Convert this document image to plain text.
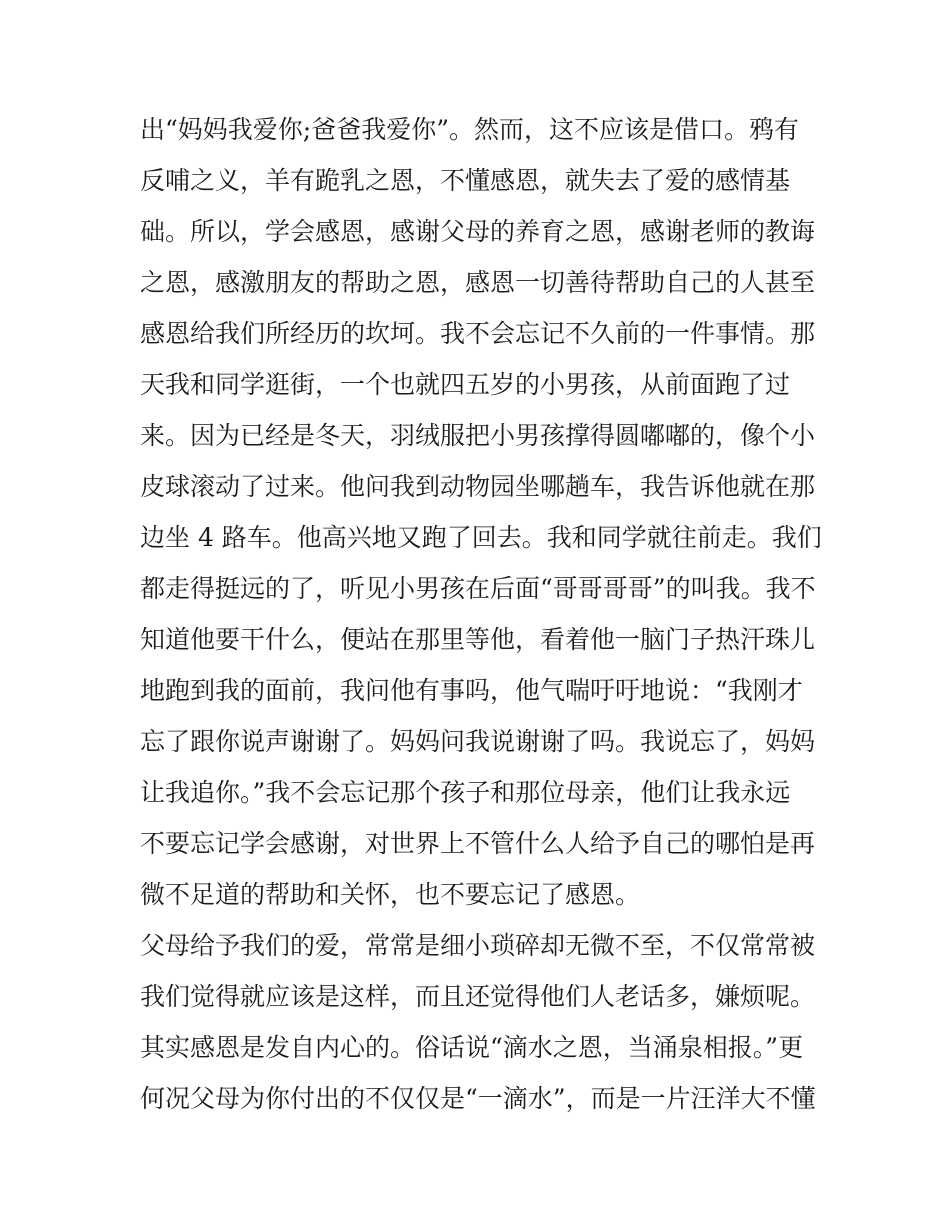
出“妈妈我爱你;爸爸我爱你”。然而，这不应该是借口。鸦有
反哺之义，羊有跪乳之恩，不懂感恩，就失去了爱的感情基
础。所以，学会感恩，感谢父母的养育之恩，感谢老师的教诲
之恩，感激朋友的帮助之恩，感恩一切善待帮助自己的人甚至
感恩给我们所经历的坎坷。我不会忘记不久前的一件事情。那
天我和同学逛街，一个也就四五岁的小男孩，从前面跑了过
来。因为已经是冬天，羽绒服把小男孩撑得圆嘟嘟的，像个小
皮球滚动了过来。他问我到动物园坐哪趟车，我告诉他就在那
边坐 4 路车。他高兴地又跑了回去。我和同学就往前走。我们
都走得挺远的了，听见小男孩在后面“哥哥哥哥”的叫我。我不
知道他要干什么，便站在那里等他，看着他一脑门子热汗珠儿
地跑到我的面前，我问他有事吗，他气喘吁吁地说：“我刚才
忘了跟你说声谢谢了。妈妈问我说谢谢了吗。我说忘了，妈妈
让我追你。”我不会忘记那个孩子和那位母亲，他们让我永远
不要忘记学会感谢，对世界上不管什么人给予自己的哪怕是再
微不足道的帮助和关怀，也不要忘记了感恩。
父母给予我们的爱，常常是细小琐碎却无微不至，不仅常常被
我们觉得就应该是这样，而且还觉得他们人老话多，嫌烦呢。
其实感恩是发自内心的。俗话说“滴水之恩，当涌泉相报。”更
何况父母为你付出的不仅仅是“一滴水”，而是一片汪洋大不懂
